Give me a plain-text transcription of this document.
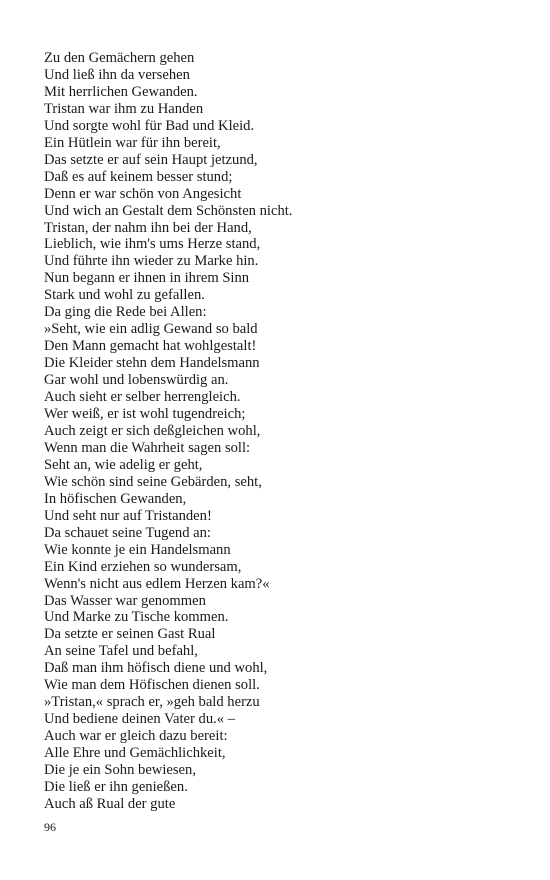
Zu den Gemächern gehen
Und ließ ihn da versehen
Mit herrlichen Gewanden.
Tristan war ihm zu Handen
Und sorgte wohl für Bad und Kleid.
Ein Hütlein war für ihn bereit,
Das setzte er auf sein Haupt jetzund,
Daß es auf keinem besser stund;
Denn er war schön von Angesicht
Und wich an Gestalt dem Schönsten nicht.
Tristan, der nahm ihn bei der Hand,
Lieblich, wie ihm's ums Herze stand,
Und führte ihn wieder zu Marke hin.
Nun begann er ihnen in ihrem Sinn
Stark und wohl zu gefallen.
Da ging die Rede bei Allen:
»Seht, wie ein adlig Gewand so bald
Den Mann gemacht hat wohlgestalt!
Die Kleider stehn dem Handelsmann
Gar wohl und lobenswürdig an.
Auch sieht er selber herrengleich.
Wer weiß, er ist wohl tugendreich;
Auch zeigt er sich deßgleichen wohl,
Wenn man die Wahrheit sagen soll:
Seht an, wie adelig er geht,
Wie schön sind seine Gebärden, seht,
In höfischen Gewanden,
Und seht nur auf Tristanden!
Da schauet seine Tugend an:
Wie konnte je ein Handelsmann
Ein Kind erziehen so wundersam,
Wenn's nicht aus edlem Herzen kam?«
Das Wasser war genommen
Und Marke zu Tische kommen.
Da setzte er seinen Gast Rual
An seine Tafel und befahl,
Daß man ihm höfisch diene und wohl,
Wie man dem Höfischen dienen soll.
»Tristan,« sprach er, »geh bald herzu
Und bediene deinen Vater du.« –
Auch war er gleich dazu bereit:
Alle Ehre und Gemächlichkeit,
Die je ein Sohn bewiesen,
Die ließ er ihn genießen.
Auch aß Rual der gute
96
